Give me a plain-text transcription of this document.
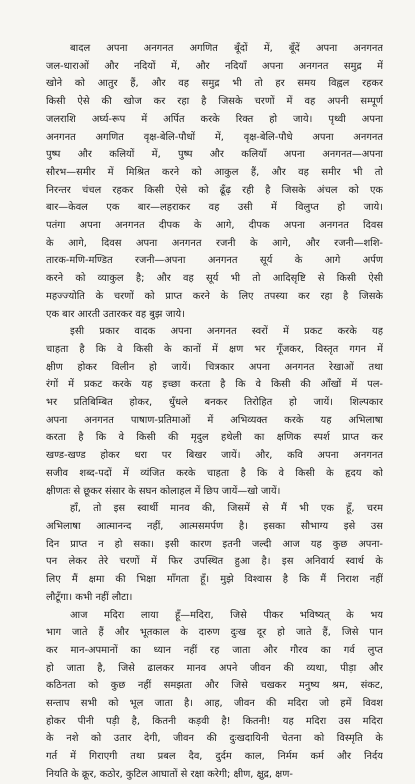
बादल अपना अनगनत अगणित बूँदों में, बूँदें अपना अनगनत
जल-धाराओं और नदियों में, और नदियाँ अपना अनगनत समुद्र में
खोने को आतुर हैं, और वह समुद्र भी तो हर समय विह्वल रहकर
किसी ऐसे की खोज कर रहा है जिसके चरणों में वह अपनी सम्पूर्ण
जलराशि अर्घ्य-रूप में अर्पित करके रिक्त हो जाये। पृथ्वी अपना
अनगनत अगणित वृक्ष-बेलि-पौधों में, वृक्ष-बेलि-पौधे अपना अनगनत
पुष्प और कलियों में, पुष्प और कलियाँ अपना अनगनत—अपना
सौरभ—समीर में मिश्रित करने को आकुल हैं, और वह समीर भी तो
निरन्तर चंचल रहकर किसी ऐसे को ढूँढ़ रही है जिसके अंचल को एक
बार—केवल एक बार—लहराकर वह उसी में विलुप्त हो जाये।
पतंगा अपना अनगनत दीपक के आगे, दीपक अपना अनगनत दिवस
के आगे, दिवस अपना अनगनत रजनी के आगे, और रजनी—शशि-
तारक-मणि-मण्डित रजनी—अपना अनगनत सूर्य के आगे अर्पण
करने को व्याकुल है; और वह सूर्य भी तो आदिसृष्टि से किसी ऐसी
महज्ज्योति के चरणों को प्राप्त करने के लिए तपस्या कर रहा है जिसके
एक बार आरती उतारकर वह बुझ जाये।
इसी प्रकार वादक अपना अनगनत स्वरों में प्रकट करके यह
चाहता है कि वे किसी के कानों में क्षण भर गूँजकर, विस्तृत गगन में
क्षीण होकर विलीन हो जायें। चित्रकार अपना अनगनत रेखाओं तथा
रंगों में प्रकट करके यह इच्छा करता है कि वे किसी की आँखों में पल-
भर प्रतिबिम्बित होकर, धुँधले बनकर तिरोहित हो जायें। शिल्पकार
अपना अनगनत पाषाण-प्रतिमाओं में अभिव्यक्त करके यह अभिलाषा
करता है कि वे किसी की मृदुल हथेली का क्षणिक स्पर्श प्राप्त कर
खण्ड-खण्ड होकर धरा पर बिखर जायें। और, कवि अपना अनगनत
सजीव शब्द-पदों में व्यंजित करके चाहता है कि वे किसी के हृदय को
क्षीणतः से छूकर संसार के सघन कोलाहल में छिप जायें—खो जायें।
हाँ, तो इस स्वार्थी मानव की, जिसमें से मैं भी एक हूँ, चरम
अभिलाषा आत्मानन्द नहीं, आत्मसमर्पण है। इसका सौभाग्य इसे उस
दिन प्राप्त न हो सका। इसी कारण इतनी जल्दी आज यह कुछ अपना-
पन लेकर तेरे चरणों में फिर उपस्थित हुआ है। इस अनिवार्य स्वार्थ के
लिए मैं क्षमा की भिक्षा माँगता हूँ। मुझे विश्वास है कि मैं निराश नहीं
लौटूँगा। कभी नहीं लौटा।
आज मदिरा लाया हूँ—मदिरा, जिसे पीकर भविष्यत् के भय
भाग जाते हैं और भूतकाल के दारुण दुःख दूर हो जाते हैं, जिसे पान
कर मान-अपमानों का ध्यान नहीं रह जाता और गौरव का गर्व लुप्त
हो जाता है, जिसे ढालकर मानव अपने जीवन की व्यथा, पीड़ा और
कठिनता को कुछ नहीं समझता और जिसे चखकर मनुष्य श्रम, संकट,
सन्ताप सभी को भूल जाता है। आह, जीवन की मदिरा जो हमें विवश
होकर पीनी पड़ी है, कितनी कड़वी है! कितनी! यह मदिरा उस मदिरा
के नशे को उतार देगी, जीवन की दुःखदायिनी चेतना को विस्मृति के
गर्त में गिराएगी तथा प्रबल दैव, दुर्दम काल, निर्मम कर्म और निर्दय
नियति के क्रूर, कठोर, कुटिल आघातों से रक्षा करेगी; क्षीण, क्षुद्र, क्षण-
